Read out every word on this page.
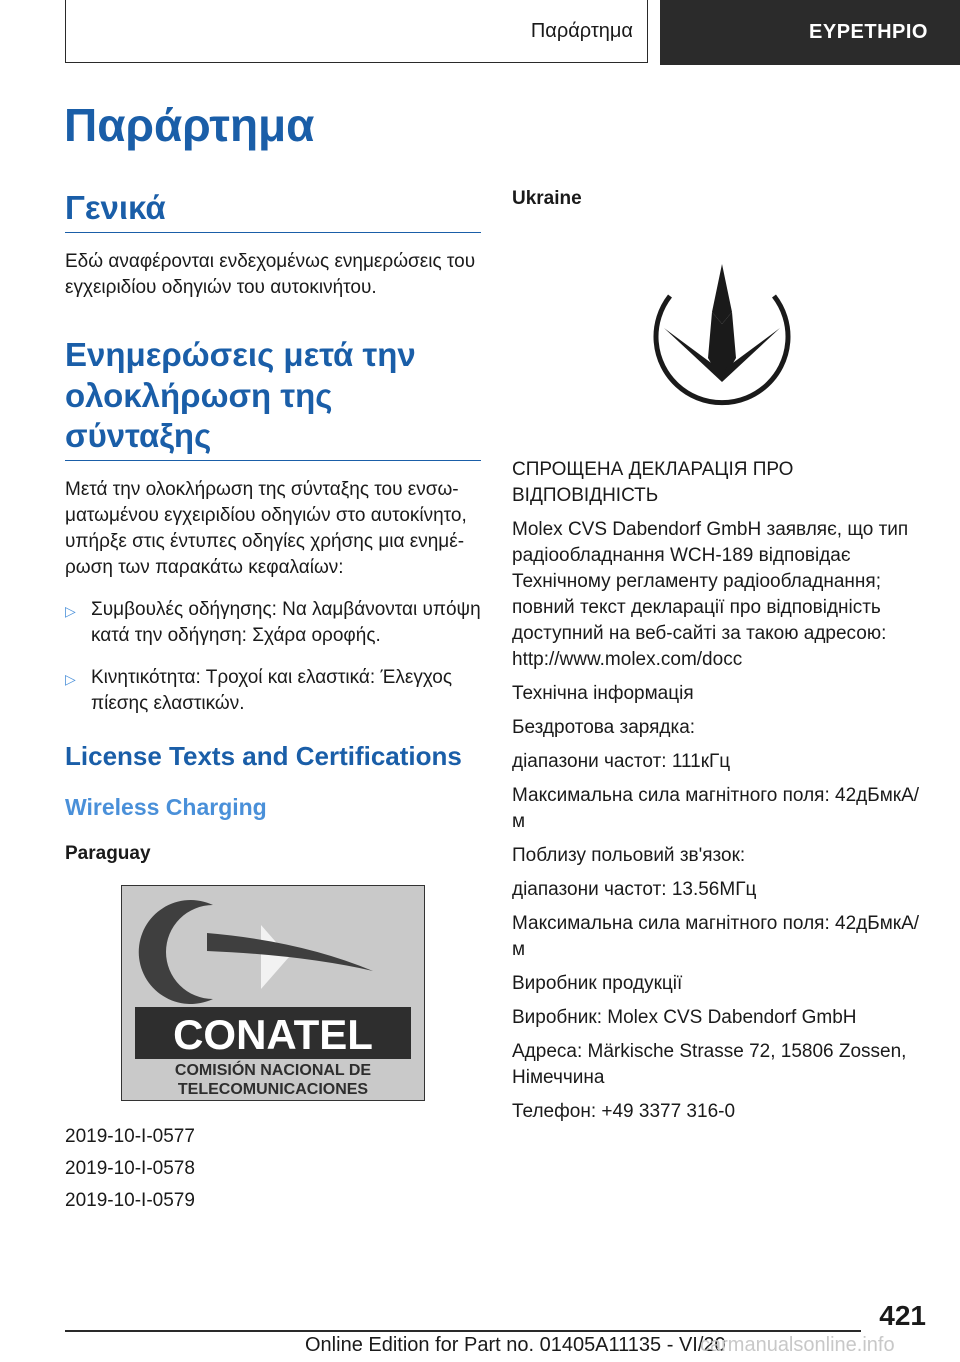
Παράρτημα	ΕΥΡΕΤΗΡΙΟ
Παράρτημα
Γενικά

Εδώ αναφέρονται ενδεχομένως ενημερώσεις του εγχειριδίου οδηγιών του αυτοκινήτου.

Ενημερώσεις μετά την ολοκλήρωση της σύνταξης

Μετά την ολοκλήρωση της σύνταξης του ενσωματωμένου εγχειριδίου οδηγιών στο αυτοκίνητο, υπήρξε στις έντυπες οδηγίες χρήσης μια ενημέρωση των παρακάτω κεφαλαίων:

▷ Συμβουλές οδήγησης: Να λαμβάνονται υπόψη κατά την οδήγηση: Σχάρα οροφής.
▷ Κινητικότητα: Τροχοί και ελαστικά: Έλεγχος πίεσης ελαστικών.
License Texts and Certifications
Wireless Charging
Paraguay
CONATEL
COMISIÓN NACIONAL DE
TELECOMUNICACIONES

2019-10-I-0577

2019-10-I-0578

2019-10-I-0579

Ukraine

СПРОЩЕНА ДЕКЛАРАЦІЯ ПРО ВІДПОВІДНІСТЬ

Molex CVS Dabendorf GmbH заявляє, що тип радіообладнання WCH-189 відповідає Технічному регламенту радіообладнання; повний текст декларації про відповідність доступний на веб-сайті за такою адресою: http://www.molex.com/docc

Технічна інформація

Бездротова зарядка:

діапазони частот: 111кГц

Максимальна сила магнітного поля: 42дБмкА/м

Поблизу польовий зв'язок:

діапазони частот: 13.56МГц

Максимальна сила магнітного поля: 42дБмкА/м

Виробник продукції

Виробник: Molex CVS Dabendorf GmbH

Адреса: Märkische Strasse 72, 15806 Zossen, Німеччина

Телефон: +49 3377 316-0

421
Online Edition for Part no. 01405A11135 - VI/20
carmanualsonline.info
